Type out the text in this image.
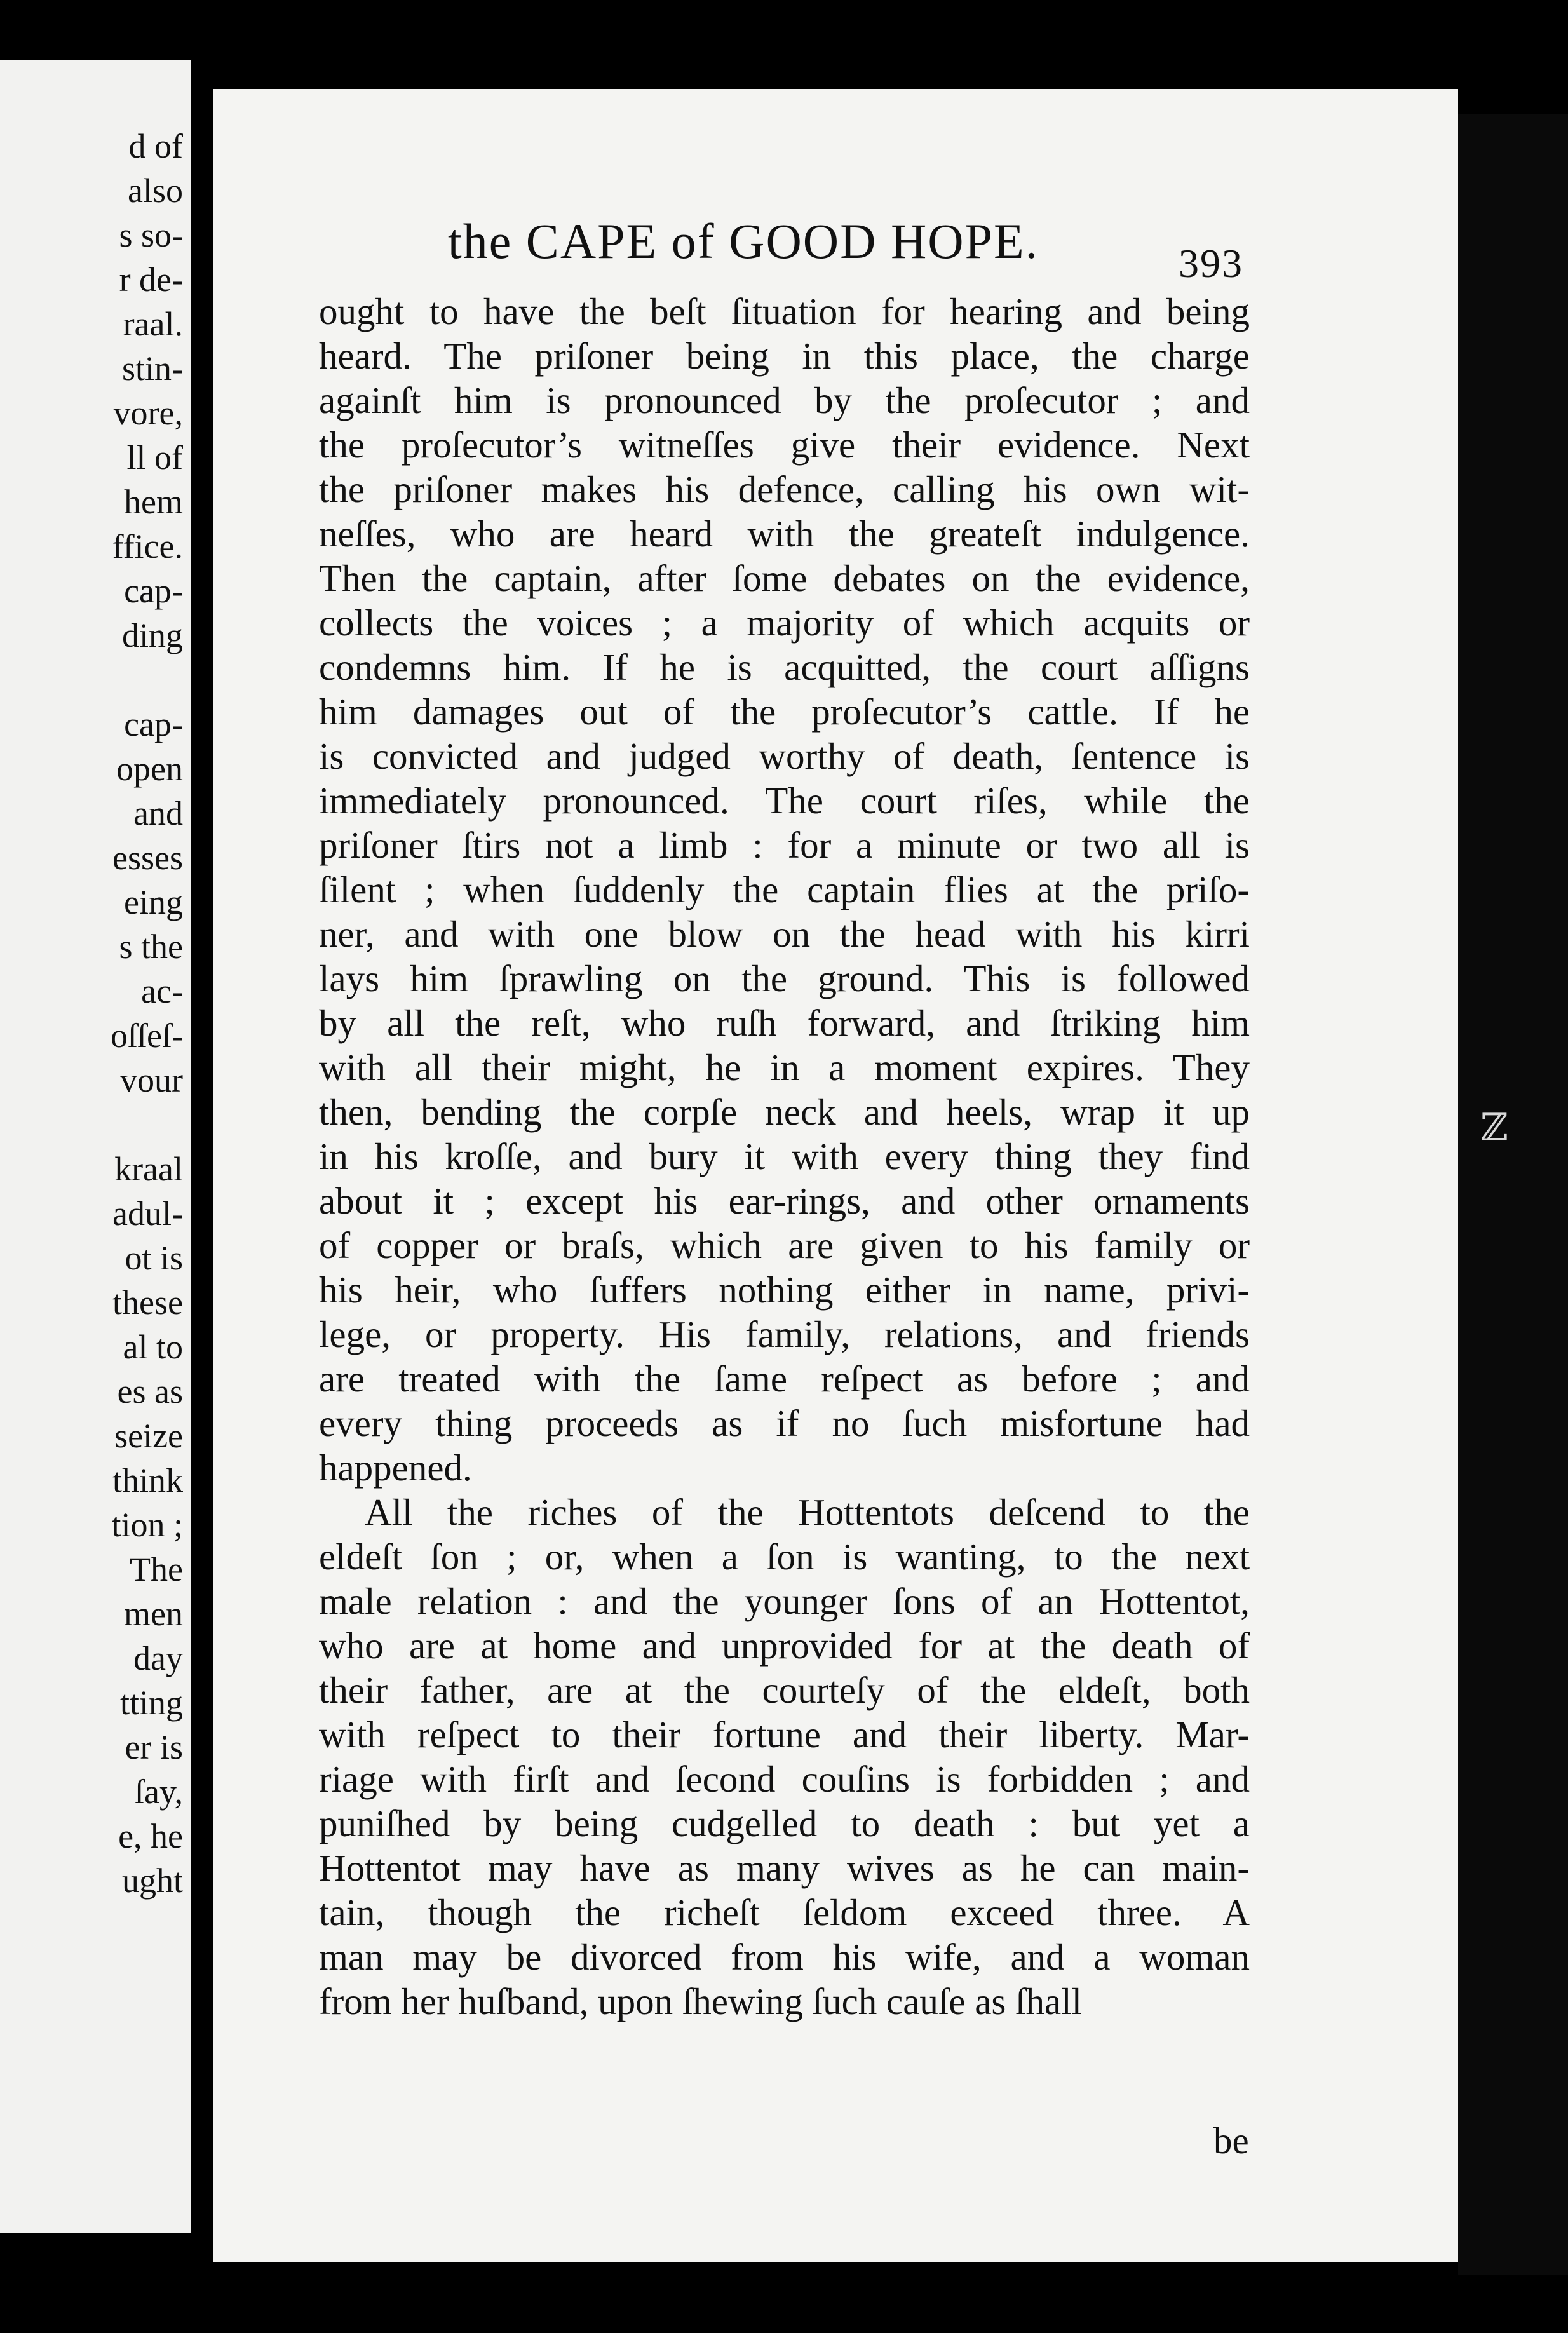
d of
also
s so-
r de-
raal.
stin-
vore,
ll of
hem
ffice.
cap-
ding
cap-
open
and
esses
eing
s the
ac-
oſſeſ-
vour
kraal
adul-
ot is
these
al to
es as
seize
think
tion ;
The
men
day
tting
er is
ſay,
e, he
ught
the CAPE of GOOD HOPE.	393
ought to have the beſt ſituation for hearing and being
heard. The priſoner being in this place, the charge
againſt him is pronounced by the proſecutor ; and
the proſecutor’s witneſſes give their evidence. Next
the priſoner makes his defence, calling his own wit-
neſſes, who are heard with the greateſt indulgence.
Then the captain, after ſome debates on the evidence,
collects the voices ; a majority of which acquits or
condemns him. If he is acquitted, the court aſſigns
him damages out of the proſecutor’s cattle. If he
is convicted and judged worthy of death, ſentence is
immediately pronounced. The court riſes, while the
priſoner ſtirs not a limb : for a minute or two all is
ſilent ; when ſuddenly the captain flies at the priſo-
ner, and with one blow on the head with his kirri
lays him ſprawling on the ground. This is followed
by all the reſt, who ruſh forward, and ſtriking him
with all their might, he in a moment expires. They
then, bending the corpſe neck and heels, wrap it up
in his kroſſe, and bury it with every thing they find
about it ; except his ear-rings, and other ornaments
of copper or braſs, which are given to his family or
his heir, who ſuffers nothing either in name, privi-
lege, or property. His family, relations, and friends
are treated with the ſame reſpect as before ; and
every thing proceeds as if no ſuch misfortune had
happened.
All the riches of the Hottentots deſcend to the
eldeſt ſon ; or, when a ſon is wanting, to the next
male relation : and the younger ſons of an Hottentot,
who are at home and unprovided for at the death of
their father, are at the courteſy of the eldeſt, both
with reſpect to their fortune and their liberty. Mar-
riage with firſt and ſecond couſins is forbidden ; and
puniſhed by being cudgelled to death : but yet a
Hottentot may have as many wives as he can main-
tain, though the richeſt ſeldom exceed three. A
man may be divorced from his wife, and a woman
from her huſband, upon ſhewing ſuch cauſe as ſhall
be
ℤ
